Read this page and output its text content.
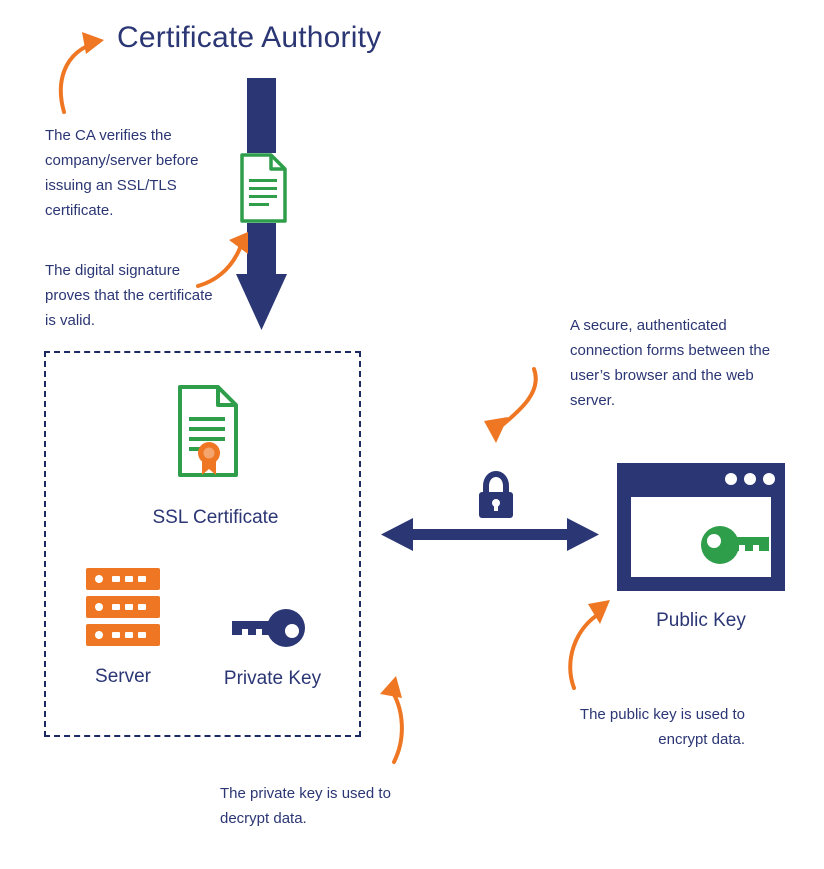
Certificate Authority
The CA verifies the company/server before issuing an SSL/TLS certificate.
The digital signature proves that the certificate is valid.
SSL Certificate
Server	Private Key
A secure, authenticated connection forms between the user’s browser and the web server.
Public Key
The public key is used to encrypt data.
The private key is used to decrypt data.
